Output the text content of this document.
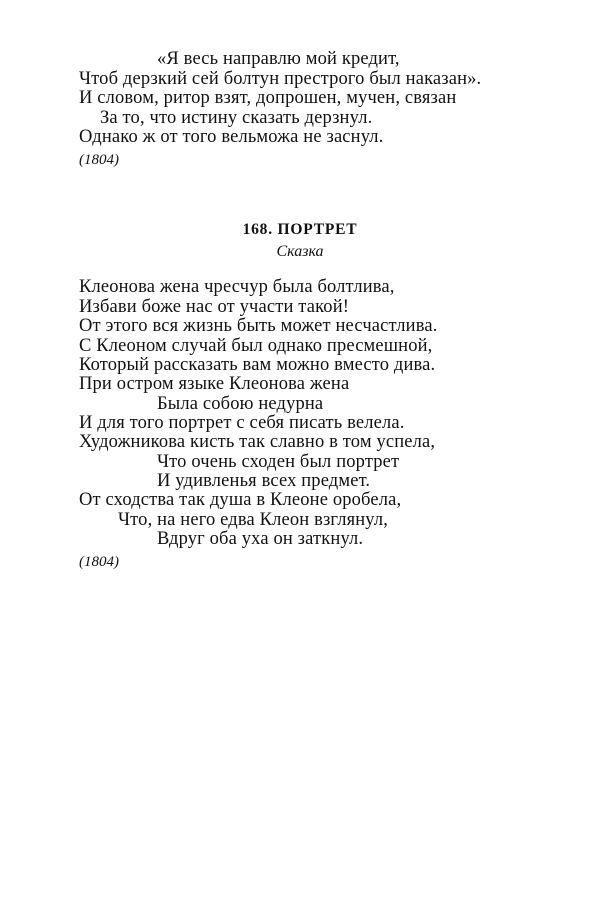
«Я весь направлю мой кредит,
Чтоб дерзкий сей болтун престрого был наказан».
И словом, ритор взят, допрошен, мучен, связан
За то, что истину сказать дерзнул.
Однако ж от того вельможа не заснул.
(1804)
168. ПОРТРЕТ
Сказка
Клеонова жена чресчур была болтлива,
Избави боже нас от участи такой!
От этого вся жизнь быть может несчастлива.
С Клеоном случай был однако пресмешной,
Который рассказать вам можно вместо дива.
При остром языке Клеонова жена
Была собою недурна
И для того портрет с себя писать велела.
Художникова кисть так славно в том успела,
Что очень сходен был портрет
И удивленья всех предмет.
От сходства так душа в Клеоне оробела,
Что, на него едва Клеон взглянул,
Вдруг оба уха он заткнул.
(1804)
